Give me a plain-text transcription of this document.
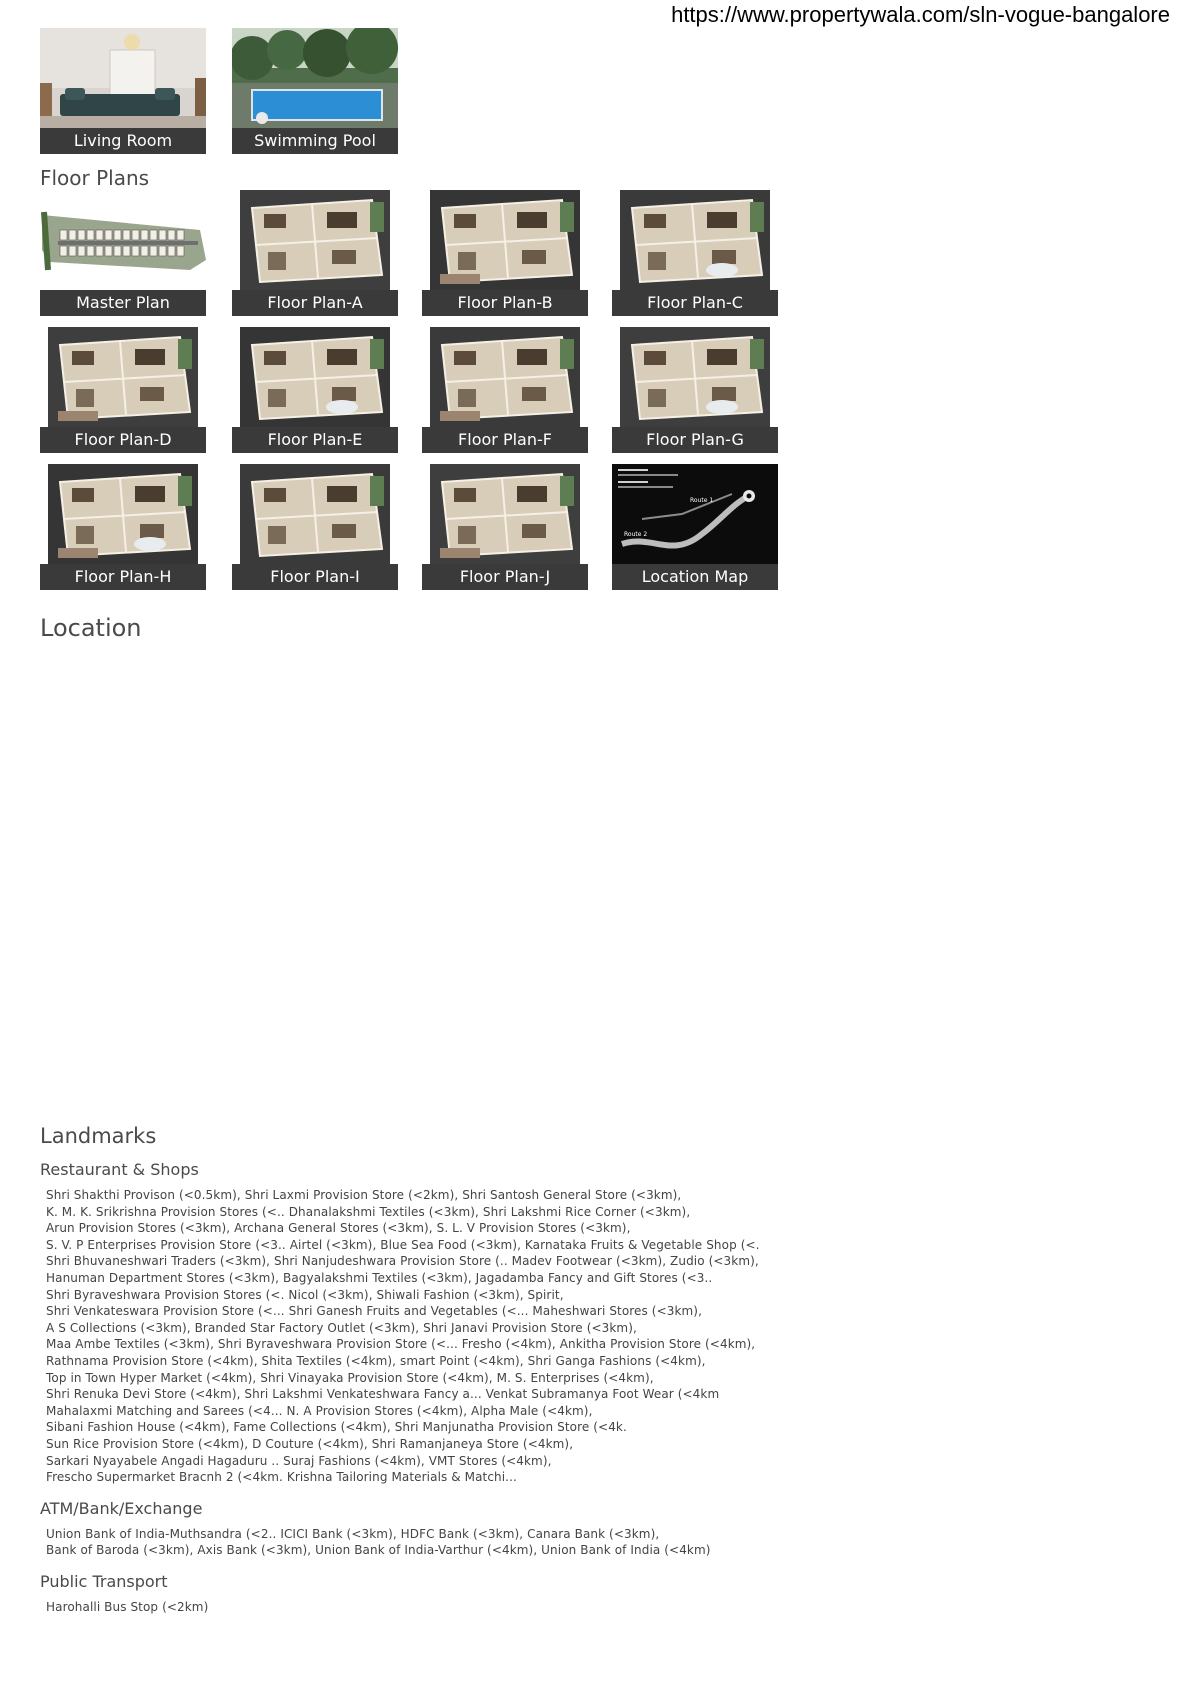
https://www.propertywala.com/sln-vogue-bangalore
Living Room	Swimming Pool
Floor Plans
Master Plan	Floor Plan-A	Floor Plan-B	Floor Plan-C
Floor Plan-D	Floor Plan-E	Floor Plan-F	Floor Plan-G
Floor Plan-H	Floor Plan-I	Floor Plan-J
Route 1
Route 2
Location Map
Location
Landmarks
Restaurant & Shops
Shri Shakthi Provison (<0.5km), Shri Laxmi Provision Store (<2km), Shri Santosh General Store (<3km),
K. M. K. Srikrishna Provision Stores (<.. Dhanalakshmi Textiles (<3km), Shri Lakshmi Rice Corner (<3km),
Arun Provision Stores (<3km), Archana General Stores (<3km), S. L. V Provision Stores (<3km),
S. V. P Enterprises Provision Store (<3.. Airtel (<3km), Blue Sea Food (<3km), Karnataka Fruits & Vegetable Shop (<.
Shri Bhuvaneshwari Traders (<3km), Shri Nanjudeshwara Provision Store (.. Madev Footwear (<3km), Zudio (<3km),
Hanuman Department Stores (<3km), Bagyalakshmi Textiles (<3km), Jagadamba Fancy and Gift Stores (<3..
Shri Byraveshwara Provision Stores (<. Nicol (<3km), Shiwali Fashion (<3km), Spirit,
Shri Venkateswara Provision Store (<... Shri Ganesh Fruits and Vegetables (<... Maheshwari Stores (<3km),
A S Collections (<3km), Branded Star Factory Outlet (<3km), Shri Janavi Provision Store (<3km),
Maa Ambe Textiles (<3km), Shri Byraveshwara Provision Store (<... Fresho (<4km), Ankitha Provision Store (<4km),
Rathnama Provision Store (<4km), Shita Textiles (<4km), smart Point (<4km), Shri Ganga Fashions (<4km),
Top in Town Hyper Market (<4km), Shri Vinayaka Provision Store (<4km), M. S. Enterprises (<4km),
Shri Renuka Devi Store (<4km), Shri Lakshmi Venkateshwara Fancy a... Venkat Subramanya Foot Wear (<4km
Mahalaxmi Matching and Sarees (<4... N. A Provision Stores (<4km), Alpha Male (<4km),
Sibani Fashion House (<4km), Fame Collections (<4km), Shri Manjunatha Provision Store (<4k.
Sun Rice Provision Store (<4km), D Couture (<4km), Shri Ramanjaneya Store (<4km),
Sarkari Nyayabele Angadi Hagaduru .. Suraj Fashions (<4km), VMT Stores (<4km),
Frescho Supermarket Bracnh 2 (<4km. Krishna Tailoring Materials & Matchi...
ATM/Bank/Exchange
Union Bank of India-Muthsandra (<2.. ICICI Bank (<3km), HDFC Bank (<3km), Canara Bank (<3km),
Bank of Baroda (<3km), Axis Bank (<3km), Union Bank of India-Varthur (<4km), Union Bank of India (<4km)
Public Transport
Harohalli Bus Stop (<2km)
